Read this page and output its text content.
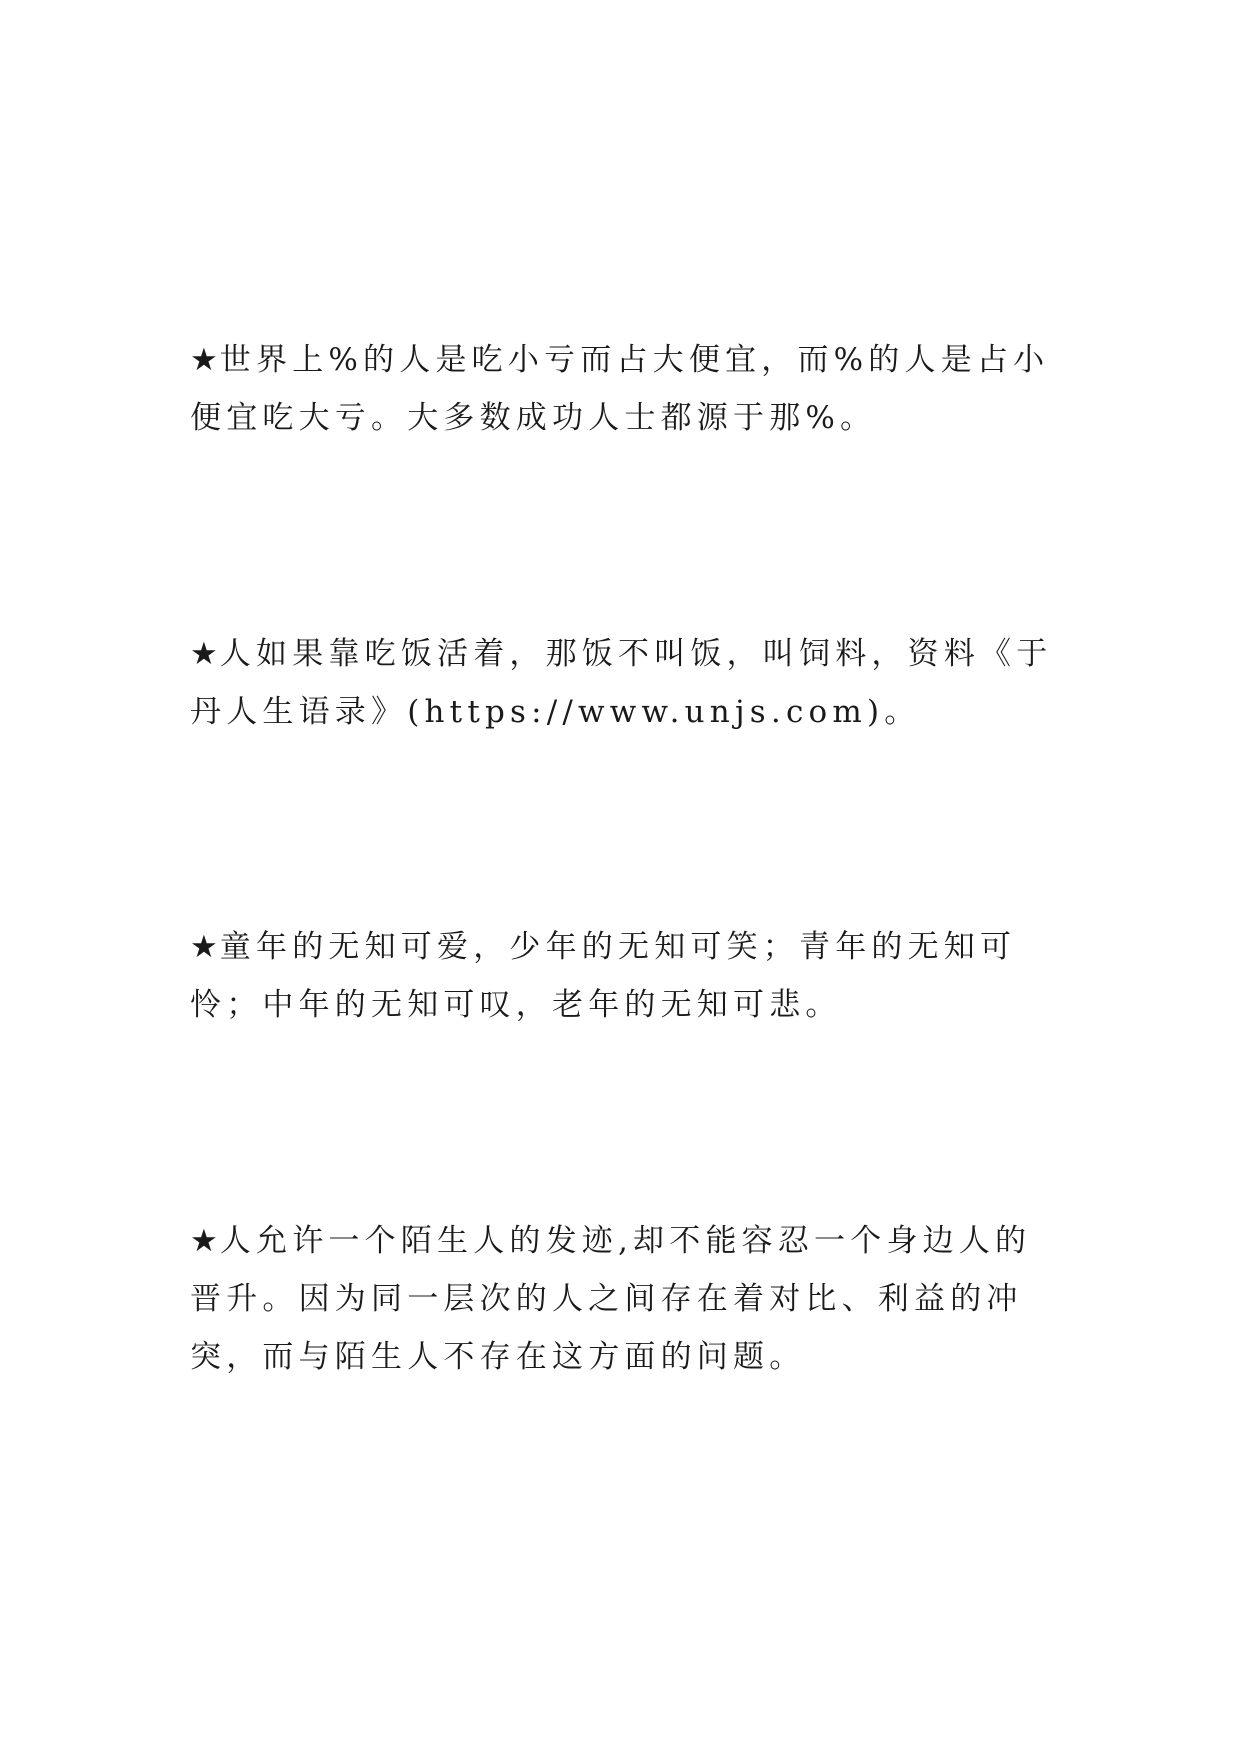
★世界上%的人是吃小亏而占大便宜，而%的人是占小便宜吃大亏。大多数成功人士都源于那%。

★人如果靠吃饭活着，那饭不叫饭，叫饲料，资料《于丹人生语录》(https://www.unjs.com)。

★童年的无知可爱，少年的无知可笑；青年的无知可怜；中年的无知可叹，老年的无知可悲。

★人允许一个陌生人的发迹,却不能容忍一个身边人的晋升。因为同一层次的人之间存在着对比、利益的冲突，而与陌生人不存在这方面的问题。
